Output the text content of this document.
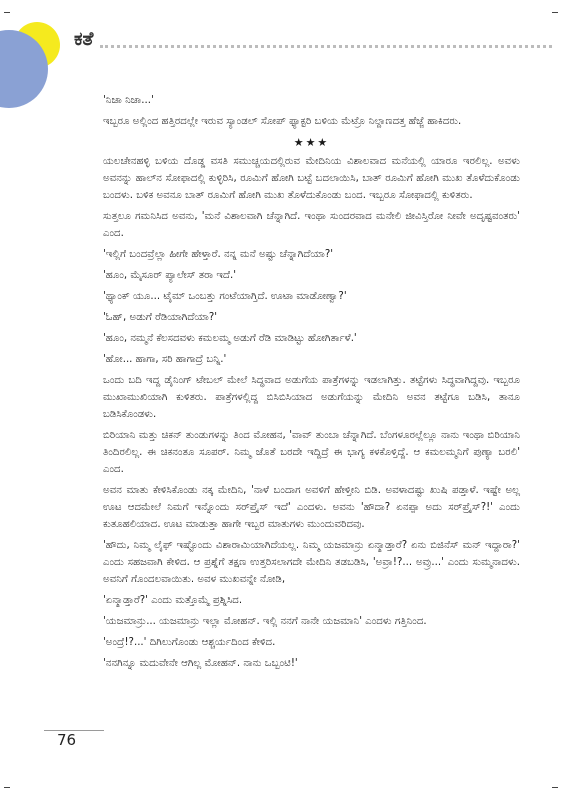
ಕತೆ

'ನಿಜಾ ನಿಜಾ...'

ಇಬ್ಬರೂ ಅಲ್ಲಿಂದ ಹತ್ತಿರದಲ್ಲೇ ಇರುವ ಸ್ಯಾಂಡಲ್ ಸೋಪ್ ಫ್ಯಾಕ್ಟರಿ ಬಳಿಯ ಮೆಟ್ರೊ ನಿಲ್ದಾಣದತ್ತ ಹೆಜ್ಜೆ ಹಾಕಿದರು.

★★★

ಯಲಚೇನಹಳ್ಳಿ ಬಳಿಯ ದೊಡ್ಡ ವಸತಿ ಸಮುಚ್ಚಯದಲ್ಲಿರುವ ಮೇದಿನಿಯ ವಿಶಾಲವಾದ ಮನೆಯಲ್ಲಿ ಯಾರೂ ಇರಲಿಲ್ಲ. ಅವಳು ಅವನನ್ನು ಹಾಲ್‌ನ ಸೋಫಾದಲ್ಲಿ ಕುಳ್ಳಿರಿಸಿ, ರೂಮಿಗೆ ಹೋಗಿ ಬಟ್ಟೆ ಬದಲಾಯಿಸಿ, ಬಾತ್ ರೂಮಿಗೆ ಹೋಗಿ ಮುಖ ತೊಳೆದುಕೊಂಡು ಬಂದಳು. ಬಳಿಕ ಅವನೂ ಬಾತ್ ರೂಮಿಗೆ ಹೋಗಿ ಮುಖ ತೊಳೆದುಕೊಂಡು ಬಂದ. ಇಬ್ಬರೂ ಸೋಫಾದಲ್ಲಿ ಕುಳಿತರು.

ಸುತ್ತಲೂ ಗಮನಿಸಿದ ಅವನು, 'ಮನೆ ವಿಶಾಲವಾಗಿ ಚೆನ್ನಾಗಿದೆ. ಇಂಥಾ ಸುಂದರವಾದ ಮನೇಲಿ ಜೀವಿಸ್ತಿರೋ ನೀವೇ ಅದೃಷ್ಟವಂತರು' ಎಂದ.

'ಇಲ್ಲಿಗೆ ಬಂದವ್ರೆಲ್ಲಾ ಹೀಗೇ ಹೇಳ್ತಾರೆ. ನನ್ನ ಮನೆ ಅಷ್ಟು ಚೆನ್ನಾಗಿದೆಯಾ?'

'ಹೂಂ, ಮೈಸೂರ್ ಪ್ಯಾಲೇಸ್ ತರಾ ಇದೆ.'

'ಥ್ಯಾಂಕ್ ಯೂ... ಟೈಮ್ ಒಂಬತ್ತು ಗಂಟೆಯಾಗ್ತಿದೆ. ಊಟಾ ಮಾಡೋಣ್ವಾ?'

'ಓಹ್, ಅಡುಗೆ ರೆಡಿಯಾಗಿದೆಯಾ?'

'ಹೂಂ, ನಮ್ಮನೆ ಕೆಲಸದವಳು ಕಮಲಮ್ಮ ಅಡುಗೆ ರೆಡಿ ಮಾಡಿಟ್ಟು ಹೋಗಿರ್ತಾಳೆ.'

'ಹೋ... ಹಾಗಾ, ಸರಿ ಹಾಗಾದ್ರೆ ಬನ್ನಿ.'

ಒಂದು ಬದಿ ಇದ್ದ ಡೈನಿಂಗ್ ಟೇಬಲ್ ಮೇಲೆ ಸಿದ್ಧವಾದ ಅಡುಗೆಯ ಪಾತ್ರೆಗಳನ್ನು ಇಡಲಾಗಿತ್ತು. ತಟ್ಟೆಗಳು ಸಿದ್ಧವಾಗಿದ್ದವು. ಇಬ್ಬರೂ ಮುಖಾಮುಖಿಯಾಗಿ ಕುಳಿತರು. ಪಾತ್ರೆಗಳಲ್ಲಿದ್ದ ಬಿಸಿಬಿಸಿಯಾದ ಅಡುಗೆಯನ್ನು ಮೇದಿನಿ ಅವನ ತಟ್ಟೆಗೂ ಬಡಿಸಿ, ತಾನೂ ಬಡಿಸಿಕೊಂಡಳು.

ಬಿರಿಯಾನಿ ಮತ್ತು ಚಿಕನ್ ತುಂಡುಗಳನ್ನು ತಿಂದ ಮೋಹನ, 'ವಾವ್ ತುಂಬಾ ಚೆನ್ನಾಗಿದೆ. ಬೆಂಗಳೂರಲ್ಲೆಲ್ಲೂ ನಾನು ಇಂಥಾ ಬಿರಿಯಾನಿ ತಿಂದಿರಲಿಲ್ಲ. ಈ ಚಿಕನಂತೂ ಸೂಪರ್. ನಿಮ್ಮ ಜೊತೆ ಬರದೇ ಇದ್ದಿದ್ರೆ ಈ ಭಾಗ್ಯ ಕಳಕೊಳ್ತಿದ್ದೆ. ಆ ಕಮಲಮ್ಮನಿಗೆ ಪುಣ್ಯಾ ಬರಲಿ' ಎಂದ.

ಅವನ ಮಾತು ಕೇಳಿಸಿಕೊಂಡು ನಕ್ಕ ಮೇದಿನಿ, 'ನಾಳೆ ಬಂದಾಗ ಅವಳಿಗೆ ಹೇಳ್ತೀನಿ ಬಿಡಿ. ಅವಳಾದಷ್ಟು ಖುಷಿ ಪಡ್ತಾಳೆ. ಇಷ್ಟೇ ಅಲ್ಲ ಊಟ ಆದಮೇಲೆ ನಿಮಗೆ ಇನ್ನೊಂದು ಸರ್‌ಪ್ರೈಸ್ ಇದೆ' ಎಂದಳು. ಅವನು 'ಹೌದಾ? ಏನಪ್ಪಾ ಅದು ಸರ್‌ಪ್ರೈಸ್?!' ಎಂದು ಕುತೂಹಲಿಯಾದ. ಊಟ ಮಾಡುತ್ತಾ ಹಾಗೇ ಇಬ್ಬರ ಮಾತುಗಳು ಮುಂದುವರಿದವು.

'ಹೌದು, ನಿಮ್ಮ ಲೈಫ್ ಇಷ್ಟೊಂದು ವಿಶಾರಾಮಿಯಾಗಿದೆಯಲ್ಲ. ನಿಮ್ಮ ಯಜಮಾನ್ರು ಏನ್ಮಾಡ್ತಾರೆ? ಏನು ಬಿಜಿನೆಸ್ ಮನ್ ಇದ್ದಾರಾ?' ಎಂದು ಸಹಜವಾಗಿ ಕೇಳಿದ. ಆ ಪ್ರಶ್ನೆಗೆ ತಕ್ಷಣ ಉತ್ತರಿಸಲಾಗದೇ ಮೇದಿನಿ ತಡಬಡಿಸಿ, 'ಅವ್ರಾ!?... ಅವ್ರು...' ಎಂದು ಸುಮ್ಮನಾದಳು. ಅವನಿಗೆ ಗೊಂದಲವಾಯಿತು. ಅವಳ ಮುಖವನ್ನೇ ನೋಡಿ,

'ಏನ್ಮಾಡ್ತಾರೆ?' ಎಂದು ಮತ್ತೊಮ್ಮೆ ಪ್ರಶ್ನಿಸಿದ.

'ಯಜಮಾನ್ರು... ಯಜಮಾನ್ರು ಇಲ್ಲಾ ಮೋಹನ್. ಇಲ್ಲಿ ನನಗೆ ನಾನೇ ಯಜಮಾನಿ' ಎಂದಳು ಗತ್ತಿನಿಂದ.

'ಅಂದ್ರೆ!?...' ದಿಗಿಲುಗೊಂಡು ಆಶ್ಚರ್ಯದಿಂದ ಕೇಳಿದ.

'ನನಗಿನ್ನೂ ಮದುವೇನೇ ಆಗಿಲ್ಲ ಮೋಹನ್. ನಾನು ಒಬ್ಬಂಟಿ!'

76
